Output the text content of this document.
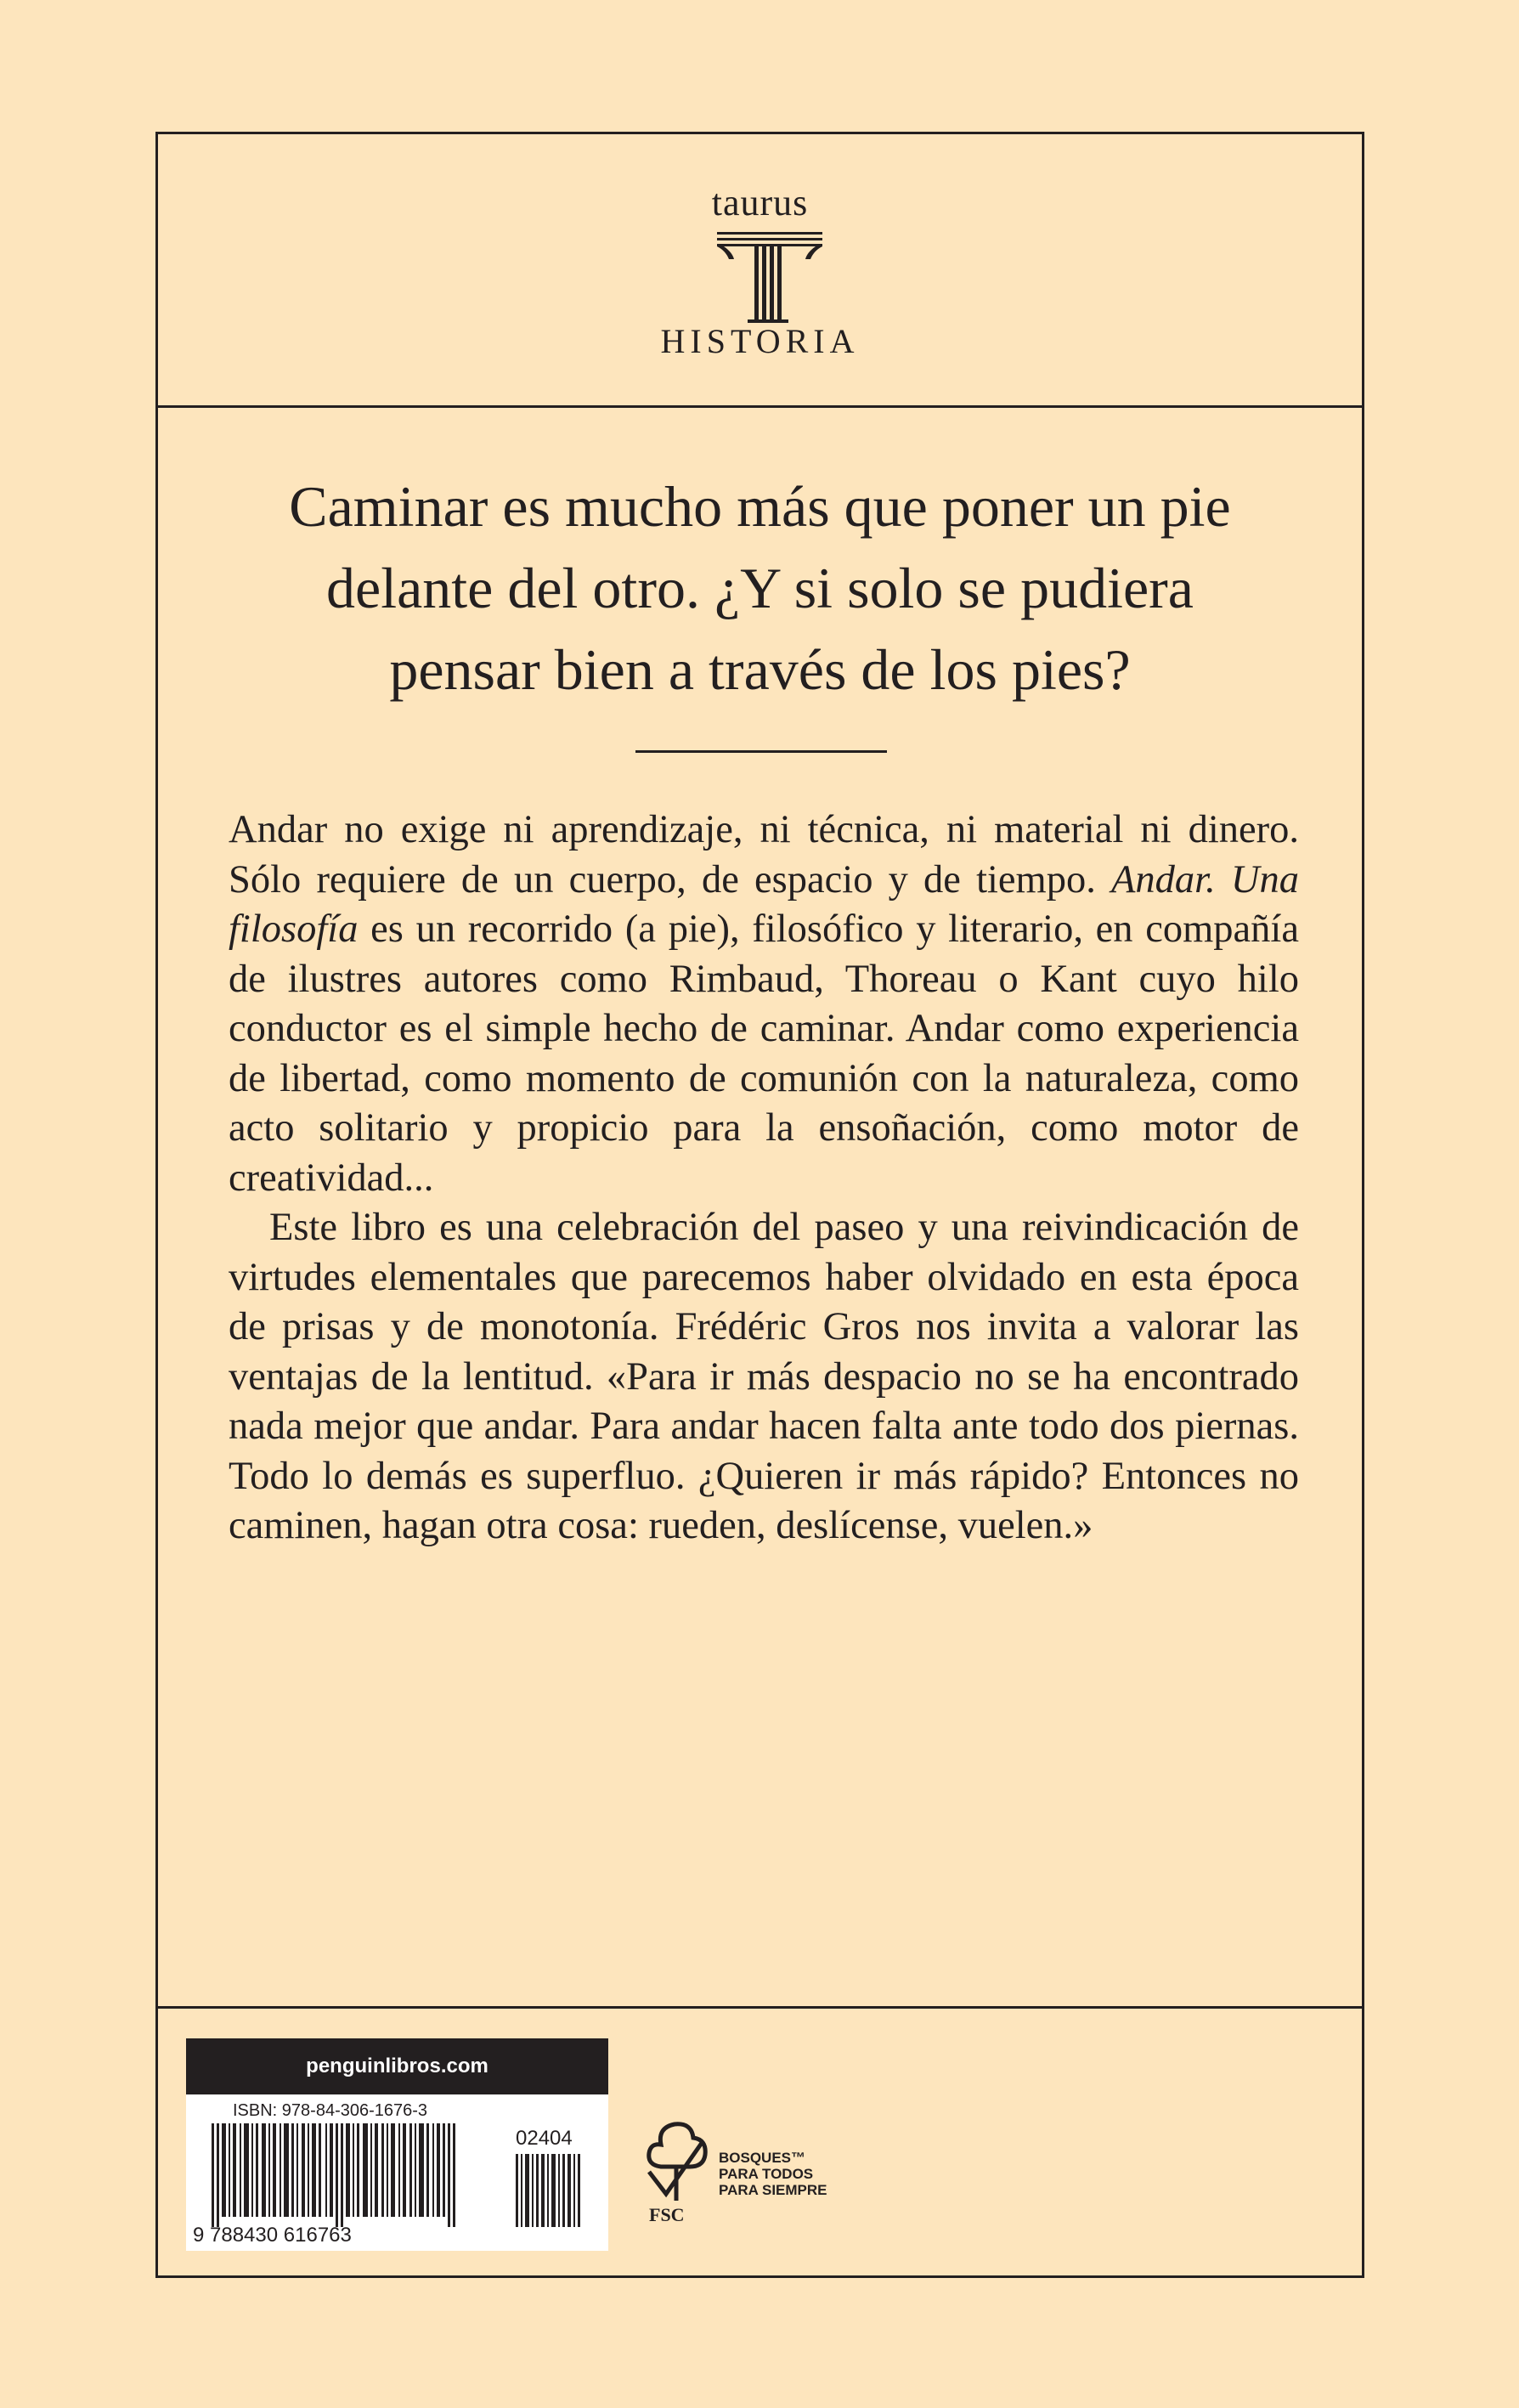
taurus
HISTORIA
Caminar es mucho más que poner un pie
delante del otro. ¿Y si solo se pudiera
pensar bien a través de los pies?

Andar no exige ni aprendizaje, ni técnica, ni material ni dinero. Sólo requiere de un cuerpo, de espacio y de tiempo. Andar. Una filosofía es un recorrido (a pie), filosófico y literario, en compañía de ilustres autores como Rimbaud, Thoreau o Kant cuyo hilo conductor es el simple hecho de caminar. Andar como experiencia de libertad, como momento de comunión con la naturaleza, como acto solitario y propicio para la ensoñación, como motor de creatividad...

Este libro es una celebración del paseo y una reivindicación de virtudes elementales que parecemos haber olvidado en esta época de prisas y de monotonía. Frédéric Gros nos invita a valorar las ventajas de la lentitud. «Para ir más despacio no se ha encontrado nada mejor que andar. Para andar hacen falta ante todo dos piernas. Todo lo demás es superfluo. ¿Quieren ir más rápido? Entonces no caminen, hagan otra cosa: rueden, deslícense, vuelen.»

penguinlibros.com
ISBN: 978-84-306-1676-3
02404
9 788430 616763
FSC
BOSQUES™
PARA TODOS
PARA SIEMPRE
